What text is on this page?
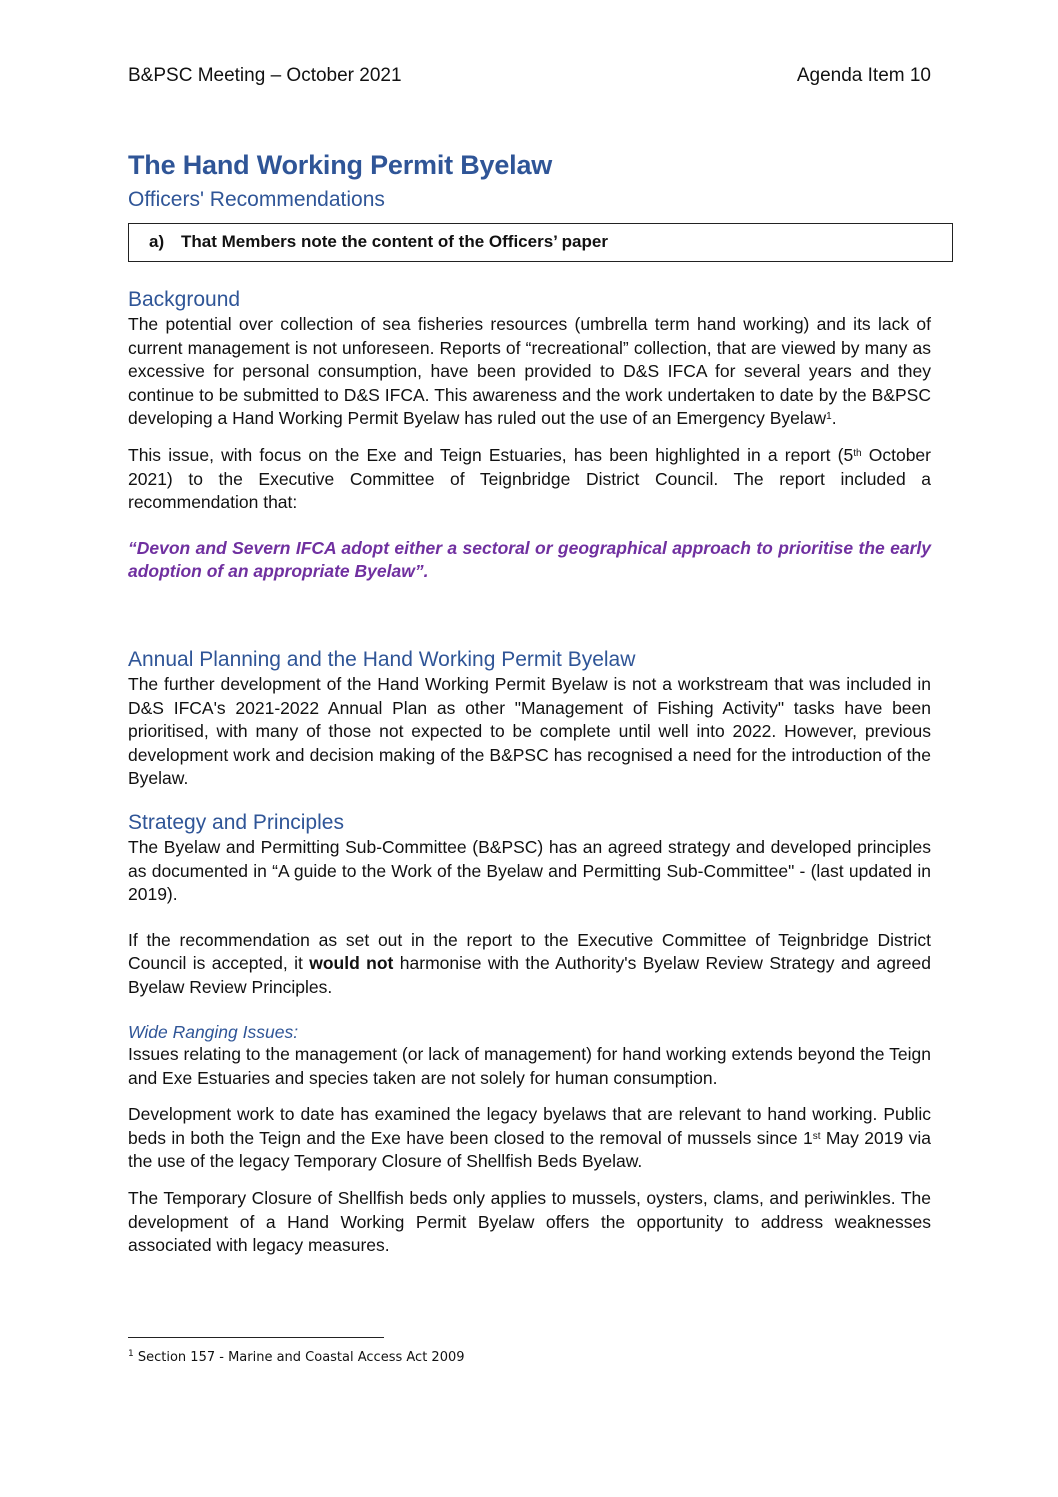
B&PSC Meeting – October 2021	Agenda Item 10
The Hand Working Permit Byelaw
Officers' Recommendations
a) That Members note the content of the Officers’ paper
Background

The potential over collection of sea fisheries resources (umbrella term hand working) and its lack of current management is not unforeseen. Reports of “recreational” collection, that are viewed by many as excessive for personal consumption, have been provided to D&S IFCA for several years and they continue to be submitted to D&S IFCA. This awareness and the work undertaken to date by the B&PSC developing a Hand Working Permit Byelaw has ruled out the use of an Emergency Byelaw$^1$.

This issue, with focus on the Exe and Teign Estuaries, has been highlighted in a report (5th October 2021) to the Executive Committee of Teignbridge District Council. The report included a recommendation that:

“Devon and Severn IFCA adopt either a sectoral or geographical approach to prioritise the early adoption of an appropriate Byelaw”.

Annual Planning and the Hand Working Permit Byelaw

The further development of the Hand Working Permit Byelaw is not a workstream that was included in D&S IFCA's 2021-2022 Annual Plan as other "Management of Fishing Activity" tasks have been prioritised, with many of those not expected to be complete until well into 2022. However, previous development work and decision making of the B&PSC has recognised a need for the introduction of the Byelaw.

Strategy and Principles

The Byelaw and Permitting Sub-Committee (B&PSC) has an agreed strategy and developed principles as documented in “A guide to the Work of the Byelaw and Permitting Sub-Committee" - (last updated in 2019).

If the recommendation as set out in the report to the Executive Committee of Teignbridge District Council is accepted, it would not harmonise with the Authority's Byelaw Review Strategy and agreed Byelaw Review Principles.

Wide Ranging Issues:

Issues relating to the management (or lack of management) for hand working extends beyond the Teign and Exe Estuaries and species taken are not solely for human consumption.

Development work to date has examined the legacy byelaws that are relevant to hand working. Public beds in both the Teign and the Exe have been closed to the removal of mussels since 1st May 2019 via the use of the legacy Temporary Closure of Shellfish Beds Byelaw.

The Temporary Closure of Shellfish beds only applies to mussels, oysters, clams, and periwinkles. The development of a Hand Working Permit Byelaw offers the opportunity to address weaknesses associated with legacy measures.

$^1$ Section 157 - Marine and Coastal Access Act 2009
